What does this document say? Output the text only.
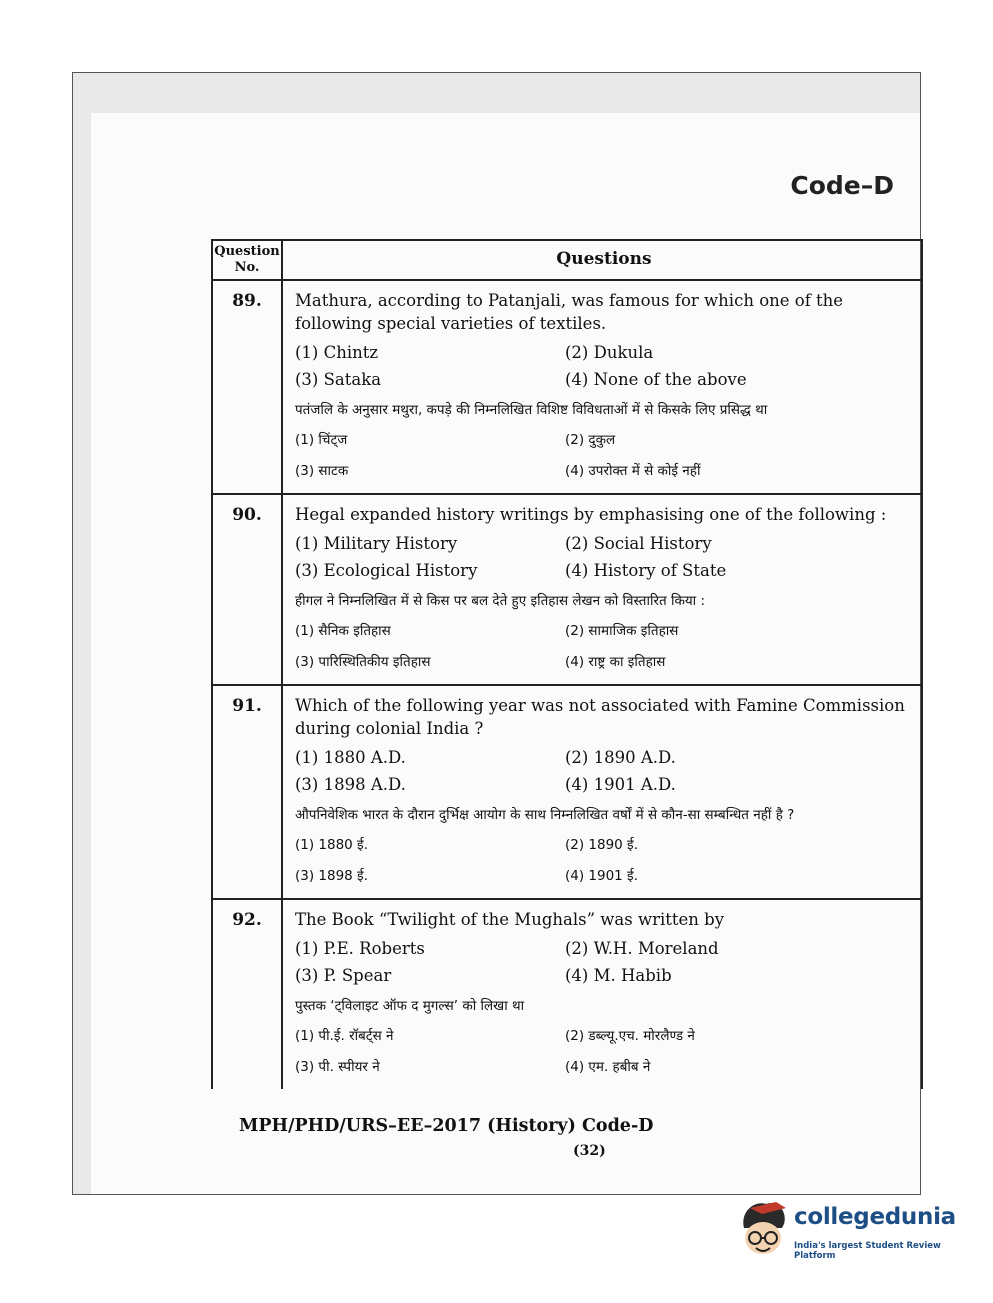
Code–D
Question No.	Questions
89.	Mathura, according to Patanjali, was famous for which one of the following special varieties of textiles.
(1) Chintz	(2) Dukula
(3) Sataka	(4) None of the above
पतंजलि के अनुसार मथुरा, कपड़े की निम्नलिखित विशिष्ट विविधताओं में से किसके लिए प्रसिद्ध था
(1) चिंट्ज	(2) दुकुल
(3) साटक	(4) उपरोक्त में से कोई नहीं
90.	Hegal expanded history writings by emphasising one of the following :
(1) Military History	(2) Social History
(3) Ecological History	(4) History of State
हीगल ने निम्नलिखित में से किस पर बल देते हुए इतिहास लेखन को विस्तारित किया :
(1) सैनिक इतिहास	(2) सामाजिक इतिहास
(3) पारिस्थितिकीय इतिहास	(4) राष्ट्र का इतिहास
91.	Which of the following year was not associated with Famine Commission during colonial India ?
(1) 1880 A.D.	(2) 1890 A.D.
(3) 1898 A.D.	(4) 1901 A.D.
औपनिवेशिक भारत के दौरान दुर्भिक्ष आयोग के साथ निम्नलिखित वर्षों में से कौन-सा सम्बन्धित नहीं है ?
(1) 1880 ई.	(2) 1890 ई.
(3) 1898 ई.	(4) 1901 ई.
92.	The Book “Twilight of the Mughals” was written by
(1) P.E. Roberts	(2) W.H. Moreland
(3) P. Spear	(4) M. Habib
पुस्तक ‘ट्विलाइट ऑफ द मुगल्स’ को लिखा था
(1) पी.ई. रॉबर्ट्स ने	(2) डब्ल्यू.एच. मोरलैण्ड ने
(3) पी. स्पीयर ने	(4) एम. हबीब ने
MPH/PHD/URS–EE–2017 (History) Code-D
(32)
collegedunia
India's largest Student Review Platform
